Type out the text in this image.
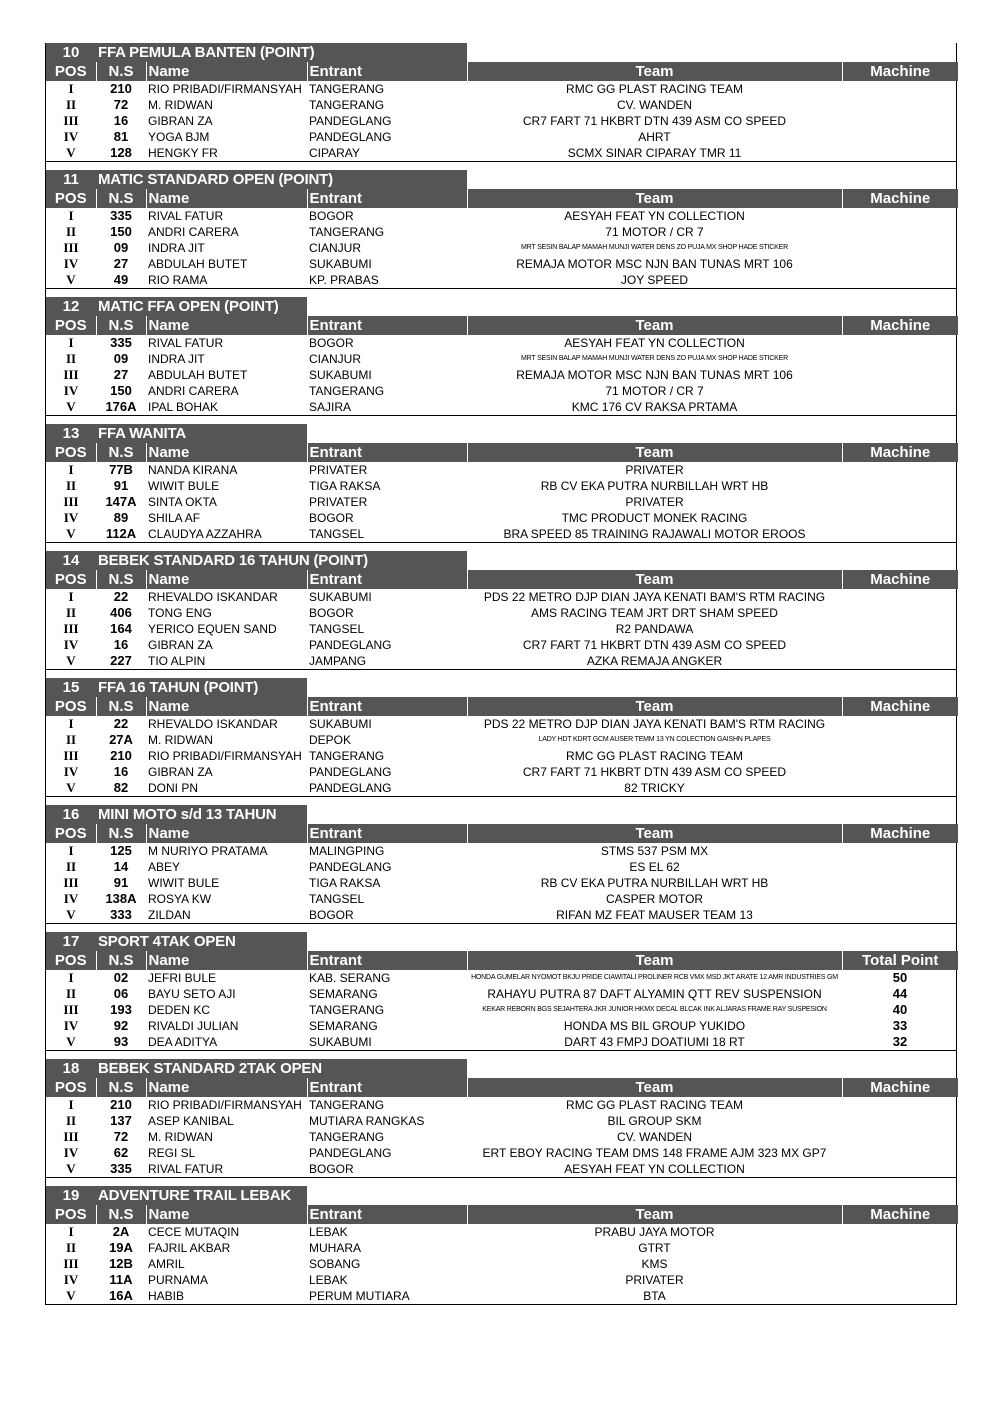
10 FFA PEMULA BANTEN (POINT)
POS	N.S	Name	Entrant	Team	Machine
I	210	RIO PRIBADI/FIRMANSYAH	TANGERANG	RMC GG PLAST RACING TEAM	
II	72	M. RIDWAN	TANGERANG	CV. WANDEN	
III	16	GIBRAN ZA	PANDEGLANG	CR7 FART 71 HKBRT DTN 439 ASM CO SPEED	
IV	81	YOGA BJM	PANDEGLANG	AHRT	
V	128	HENGKY FR	CIPARAY	SCMX SINAR CIPARAY TMR 11	
11 MATIC STANDARD OPEN (POINT)
POS	N.S	Name	Entrant	Team	Machine
I	335	RIVAL FATUR	BOGOR	AESYAH FEAT YN COLLECTION	
II	150	ANDRI CARERA	TANGERANG	71 MOTOR / CR 7	
III	09	INDRA JIT	CIANJUR	MRT SESIN BALAP MAMAH MUNJI WATER DENS ZO PUJA MX SHOP HADE STICKER	
IV	27	ABDULAH BUTET	SUKABUMI	REMAJA MOTOR MSC NJN BAN TUNAS MRT 106	
V	49	RIO RAMA	KP. PRABAS	JOY SPEED	
12 MATIC FFA OPEN (POINT)
POS	N.S	Name	Entrant	Team	Machine
I	335	RIVAL FATUR	BOGOR	AESYAH FEAT YN COLLECTION	
II	09	INDRA JIT	CIANJUR	MRT SESIN BALAP MAMAH MUNJI WATER DENS ZO PUJA MX SHOP HADE STICKER	
III	27	ABDULAH BUTET	SUKABUMI	REMAJA MOTOR MSC NJN BAN TUNAS MRT 106	
IV	150	ANDRI CARERA	TANGERANG	71 MOTOR / CR 7	
V	176A	IPAL BOHAK	SAJIRA	KMC 176 CV RAKSA PRTAMA	
13 FFA WANITA
POS	N.S	Name	Entrant	Team	Machine
I	77B	NANDA KIRANA	PRIVATER	PRIVATER	
II	91	WIWIT BULE	TIGA RAKSA	RB CV EKA PUTRA NURBILLAH WRT HB	
III	147A	SINTA OKTA	PRIVATER	PRIVATER	
IV	89	SHILA AF	BOGOR	TMC PRODUCT MONEK RACING	
V	112A	CLAUDYA AZZAHRA	TANGSEL	BRA SPEED 85 TRAINING RAJAWALI MOTOR EROOS	
14 BEBEK STANDARD 16 TAHUN (POINT)
POS	N.S	Name	Entrant	Team	Machine
I	22	RHEVALDO ISKANDAR	SUKABUMI	PDS 22 METRO DJP DIAN JAYA KENATI BAM'S RTM RACING	
II	406	TONG ENG	BOGOR	AMS RACING TEAM JRT DRT SHAM SPEED	
III	164	YERICO EQUEN SAND	TANGSEL	R2 PANDAWA	
IV	16	GIBRAN ZA	PANDEGLANG	CR7 FART 71 HKBRT DTN 439 ASM CO SPEED	
V	227	TIO ALPIN	JAMPANG	AZKA REMAJA ANGKER	
15 FFA 16 TAHUN (POINT)
POS	N.S	Name	Entrant	Team	Machine
I	22	RHEVALDO ISKANDAR	SUKABUMI	PDS 22 METRO DJP DIAN JAYA KENATI BAM'S RTM RACING	
II	27A	M. RIDWAN	DEPOK	LADY HDT KDRT GCM AUSER TEMM 13 YN COLECTION GAISHN PLAPES	
III	210	RIO PRIBADI/FIRMANSYAH	TANGERANG	RMC GG PLAST RACING TEAM	
IV	16	GIBRAN ZA	PANDEGLANG	CR7 FART 71 HKBRT DTN 439 ASM CO SPEED	
V	82	DONI PN	PANDEGLANG	82 TRICKY	
16 MINI MOTO s/d 13 TAHUN
POS	N.S	Name	Entrant	Team	Machine
I	125	M NURIYO PRATAMA	MALINGPING	STMS 537 PSM MX	
II	14	ABEY	PANDEGLANG	ES EL 62	
III	91	WIWIT BULE	TIGA RAKSA	RB CV EKA PUTRA NURBILLAH WRT HB	
IV	138A	ROSYA KW	TANGSEL	CASPER MOTOR	
V	333	ZILDAN	BOGOR	RIFAN MZ FEAT MAUSER TEAM 13	
17 SPORT 4TAK OPEN
POS	N.S	Name	Entrant	Team	Total Point
I	02	JEFRI BULE	KAB. SERANG	HONDA GUMELAR NYOMOT BKJU PRIDE CIAWITALI PROLINER RCB VMX MSD JKT ARATE 12 AMR INDUSTRIES GM	50
II	06	BAYU SETO AJI	SEMARANG	RAHAYU PUTRA 87 DAFT ALYAMIN QTT REV SUSPENSION	44
III	193	DEDEN KC	TANGERANG	KEKAR REBORN BGS SEJAHTERA JKR JUNIOR HKMX DECAL BLCAK INK ALJARAS FRAME RAY SUSPESION	40
IV	92	RIVALDI JULIAN	SEMARANG	HONDA MS BIL GROUP YUKIDO	33
V	93	DEA ADITYA	SUKABUMI	DART 43 FMPJ DOATIUMI 18 RT	32
18 BEBEK STANDARD 2TAK OPEN
POS	N.S	Name	Entrant	Team	Machine
I	210	RIO PRIBADI/FIRMANSYAH	TANGERANG	RMC GG PLAST RACING TEAM	
II	137	ASEP KANIBAL	MUTIARA RANGKAS	BIL GROUP SKM	
III	72	M. RIDWAN	TANGERANG	CV. WANDEN	
IV	62	REGI SL	PANDEGLANG	ERT EBOY RACING TEAM DMS 148 FRAME AJM 323 MX GP7	
V	335	RIVAL FATUR	BOGOR	AESYAH FEAT YN COLLECTION	
19 ADVENTURE TRAIL LEBAK
POS	N.S	Name	Entrant	Team	Machine
I	2A	CECE MUTAQIN	LEBAK	PRABU JAYA MOTOR	
II	19A	FAJRIL AKBAR	MUHARA	GTRT	
III	12B	AMRIL	SOBANG	KMS	
IV	11A	PURNAMA	LEBAK	PRIVATER	
V	16A	HABIB	PERUM MUTIARA	BTA	
